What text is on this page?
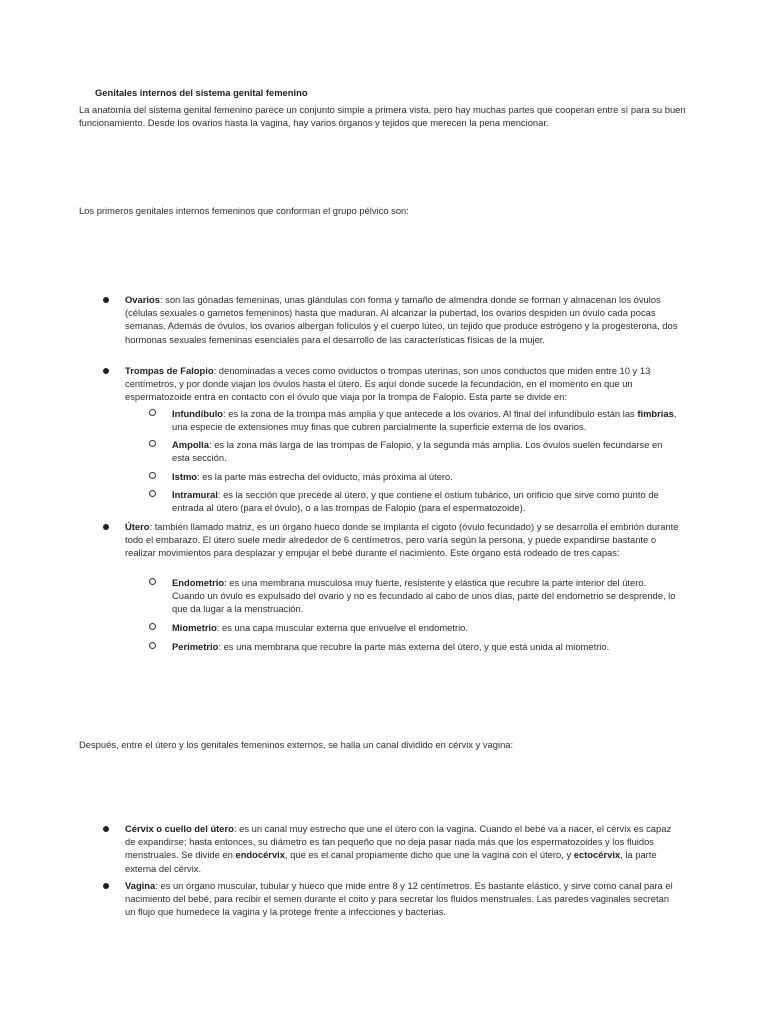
Genitales internos del sistema genital femenino
La anatomía del sistema genital femenino parece un conjunto simple a primera vista, pero hay muchas partes que cooperan entre sí para su buen funcionamiento. Desde los ovarios hasta la vagina, hay varios órganos y tejidos que merecen la pena mencionar.
Los primeros genitales internos femeninos que conforman el grupo pélvico son:
Ovarios: son las gónadas femeninas, unas glándulas con forma y tamaño de almendra donde se forman y almacenan los óvulos (células sexuales o gametos femeninos) hasta que maduran. Al alcanzar la pubertad, los ovarios despiden un óvulo cada pocas semanas. Además de óvulos, los ovarios albergan folículos y el cuerpo lúteo, un tejido que produce estrógeno y la progesterona, dos hormonas sexuales femeninas esenciales para el desarrollo de las características físicas de la mujer.
Trompas de Falopio: denominadas a veces como oviductos o trompas uterinas, son unos conductos que miden entre 10 y 13 centímetros, y por donde viajan los óvulos hasta el útero. Es aquí donde sucede la fecundación, en el momento en que un espermatozoide entra en contacto con el óvulo que viaja por la trompa de Falopio. Esta parte se divide en:
Infundíbulo: es la zona de la trompa más amplia y que antecede a los ovarios. Al final del infundíbulo están las fimbrias, una especie de extensiones muy finas que cubren parcialmente la superficie externa de los ovarios.
Ampolla: es la zona más larga de las trompas de Falopio, y la segunda más amplia. Los óvulos suelen fecundarse en esta sección.
Istmo: es la parte más estrecha del oviducto, más próxima al útero.
Intramural: es la sección que precede al útero, y que contiene el ostium tubárico, un orificio que sirve como punto de entrada al útero (para el óvulo), o a las trompas de Falopio (para el espermatozoide).
Útero: también llamado matriz, es un órgano hueco donde se implanta el cigoto (óvulo fecundado) y se desarrolla el embrión durante todo el embarazo. El útero suele medir alrededor de 6 centímetros, pero varía según la persona, y puede expandirse bastante o realizar movimientos para desplazar y empujar el bebé durante el nacimiento. Este órgano está rodeado de tres capas:
Endometrio: es una membrana musculosa muy fuerte, resistente y elástica que recubre la parte interior del útero. Cuando un óvulo es expulsado del ovario y no es fecundado al cabo de unos días, parte del endometrio se desprende, lo que da lugar a la menstruación.
Miometrio: es una capa muscular externa que envuelve el endometrio.
Perimetrio: es una membrana que recubre la parte más externa del útero, y que está unida al miometrio.
Después, entre el útero y los genitales femeninos externos, se halla un canal dividido en cérvix y vagina:
Cérvix o cuello del útero: es un canal muy estrecho que une el útero con la vagina. Cuando el bebé va a nacer, el cérvix es capaz de expandirse; hasta entonces, su diámetro es tan pequeño que no deja pasar nada más que los espermatozoides y los fluidos menstruales. Se divide en endocérvix, que es el canal propiamente dicho que une la vagina con el útero, y ectocérvix, la parte externa del cérvix.
Vagina: es un órgano muscular, tubular y hueco que mide entre 8 y 12 centímetros. Es bastante elástico, y sirve como canal para el nacimiento del bebé, para recibir el semen durante el coito y para secretar los fluidos menstruales. Las paredes vaginales secretan un flujo que humedece la vagina y la protege frente a infecciones y bacterias.
